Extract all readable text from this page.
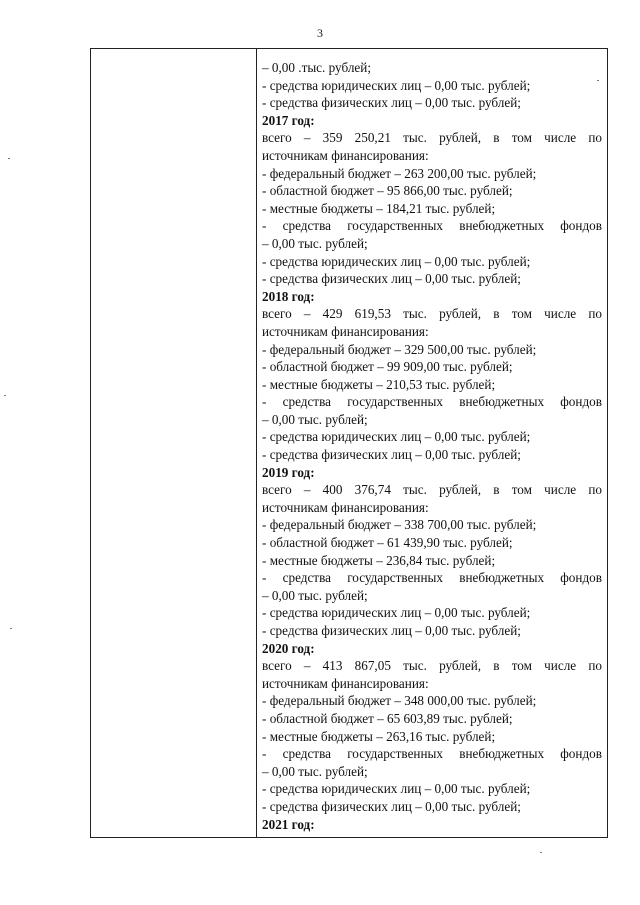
3
– 0,00 .тыс. рублей;
- средства юридических лиц – 0,00 тыс. рублей;
- средства физических лиц – 0,00 тыс. рублей;
2017 год:
всего – 359 250,21 тыс. рублей, в том числе по
источникам финансирования:
- федеральный бюджет – 263 200,00 тыс. рублей;
- областной бюджет – 95 866,00 тыс. рублей;
- местные бюджеты – 184,21 тыс. рублей;
- средства государственных внебюджетных фондов
– 0,00 тыс. рублей;
- средства юридических лиц – 0,00 тыс. рублей;
- средства физических лиц – 0,00 тыс. рублей;
2018 год:
всего – 429 619,53 тыс. рублей, в том числе по
источникам финансирования:
- федеральный бюджет – 329 500,00 тыс. рублей;
- областной бюджет – 99 909,00 тыс. рублей;
- местные бюджеты – 210,53 тыс. рублей;
- средства государственных внебюджетных фондов
– 0,00 тыс. рублей;
- средства юридических лиц – 0,00 тыс. рублей;
- средства физических лиц – 0,00 тыс. рублей;
2019 год:
всего – 400 376,74 тыс. рублей, в том числе по
источникам финансирования:
- федеральный бюджет – 338 700,00 тыс. рублей;
- областной бюджет – 61 439,90 тыс. рублей;
- местные бюджеты – 236,84 тыс. рублей;
- средства государственных внебюджетных фондов
– 0,00 тыс. рублей;
- средства юридических лиц – 0,00 тыс. рублей;
- средства физических лиц – 0,00 тыс. рублей;
2020 год:
всего – 413 867,05 тыс. рублей, в том числе по
источникам финансирования:
- федеральный бюджет – 348 000,00 тыс. рублей;
- областной бюджет – 65 603,89 тыс. рублей;
- местные бюджеты – 263,16 тыс. рублей;
- средства государственных внебюджетных фондов
– 0,00 тыс. рублей;
- средства юридических лиц – 0,00 тыс. рублей;
- средства физических лиц – 0,00 тыс. рублей;
2021 год:
